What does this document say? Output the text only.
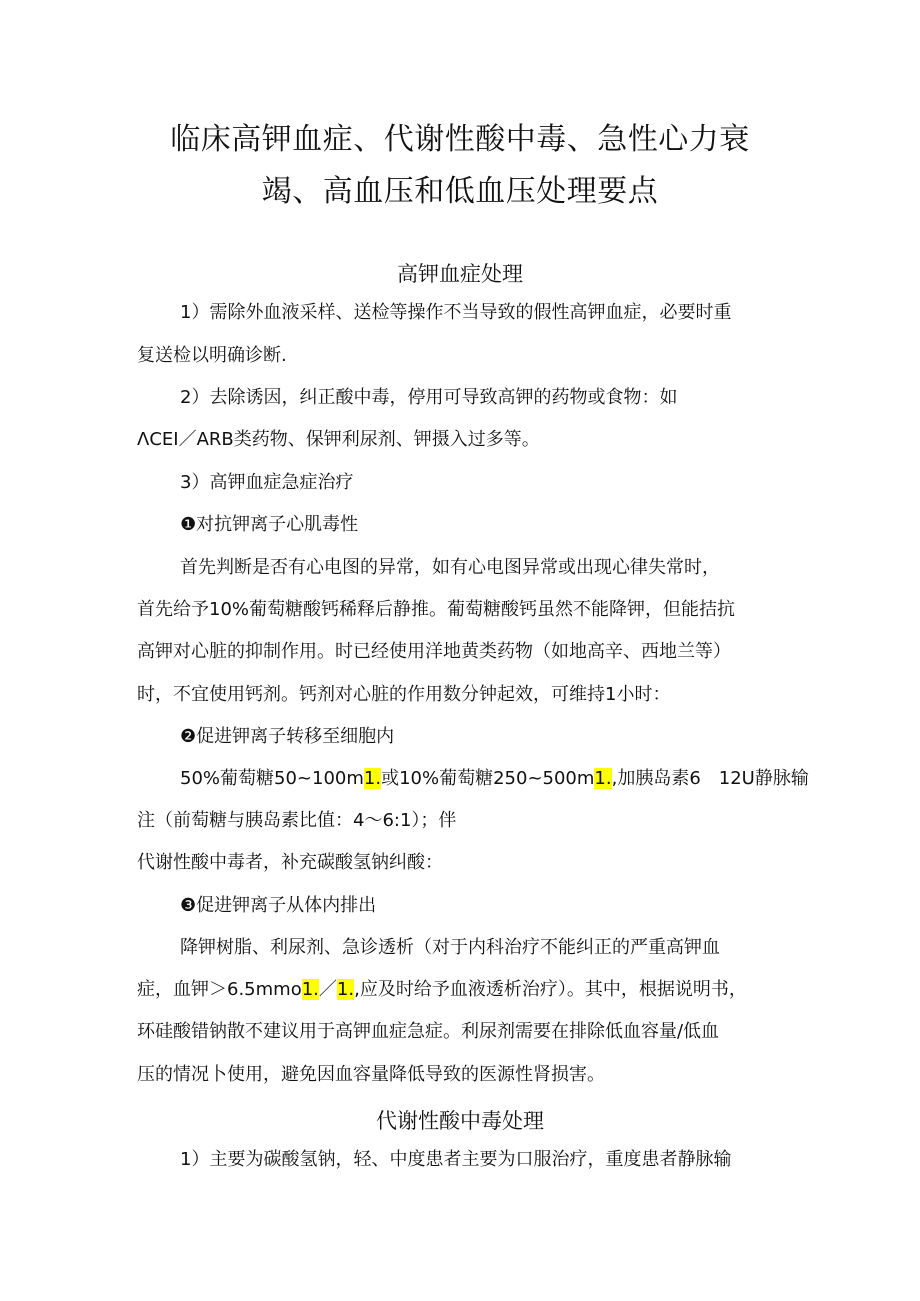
临床高钾血症、代谢性酸中毒、急性心力衰
竭、高血压和低血压处理要点
高钾血症处理
1）需除外血液采样、送检等操作不当导致的假性高钾血症，必要时重
复送检以明确诊断.
2）去除诱因，纠正酸中毒，停用可导致高钾的药物或食物：如
ΛCEI／ARB类药物、保钾利尿剂、钾摄入过多等。
3）高钾血症急症治疗
❶对抗钾离子心肌毒性
首先判断是否有心电图的异常，如有心电图异常或出现心律失常时，
首先给予10%葡萄糖酸钙稀释后静推。葡萄糖酸钙虽然不能降钾，但能拮抗
高钾对心脏的抑制作用。时已经使用洋地黄类药物（如地高辛、西地兰等）
时，不宜使用钙剂。钙剂对心脏的作用数分钟起效，可维持1小时：
❷促进钾离子转移至细胞内
50%葡萄糖50~100m1.或10%葡萄糖250~500m1.,加胰岛素6　12U静脉输
注（前萄糖与胰岛素比值：4～6:1）；伴
代谢性酸中毒者，补充碳酸氢钠纠酸：
❸促进钾离子从体内排出
降钾树脂、利尿剂、急诊透析（对于内科治疗不能纠正的严重高钾血
症，血钾＞6.5mmo1.／1.,应及时给予血液透析治疗）。其中，根据说明书，
环硅酸错钠散不建议用于高钾血症急症。利尿剂需要在排除低血容量/低血
压的情况卜使用，避免因血容量降低导致的医源性肾损害。
代谢性酸中毒处理
1）主要为碳酸氢钠，轻、中度患者主要为口服治疗，重度患者静脉输
